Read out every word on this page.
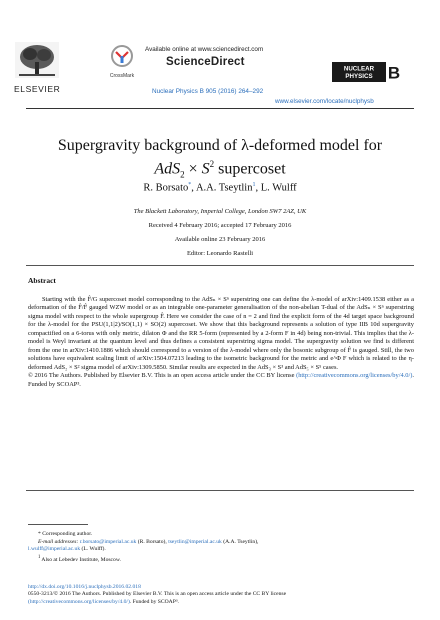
ELSEVIER
CrossMark
Available online at www.sciencedirect.com
ScienceDirect
Nuclear Physics B 905 (2016) 264–292
NUCLEAR
PHYSICS B
www.elsevier.com/locate/nuclphysb
Supergravity background of λ-deformed model for
$AdS_2 \times S^2$ supercoset
R. Borsato*, A.A. Tseytlin$^1$, L. Wulff
The Blackett Laboratory, Imperial College, London SW7 2AZ, UK
Received 4 February 2016; accepted 17 February 2016
Available online 23 February 2016
Editor: Leonardo Rastelli
Abstract

Starting with the F̂/G supercoset model corresponding to the AdSₙ × Sⁿ superstring one can define the λ-model of arXiv:1409.1538 either as a deformation of the F̂/F̂ gauged WZW model or as an integrable one-parameter generalisation of the non-abelian T-dual of the AdSₙ × Sⁿ superstring sigma model with respect to the whole supergroup F̂. Here we consider the case of n = 2 and find the explicit form of the 4d target space background for the λ-model for the PSU(1,1|2)/SO(1,1) × SO(2) supercoset. We show that this background represents a solution of type IIB 10d supergravity compactified on a 6-torus with only metric, dilaton Φ and the RR 5-form (represented by a 2-form F in 4d) being non-trivial. This implies that the λ-model is Weyl invariant at the quantum level and thus defines a consistent superstring sigma model. The supergravity solution we find is different from the one in arXiv:1410.1886 which should correspond to a version of the λ-model where only the bosonic subgroup of F̂ is gauged. Still, the two solutions have equivalent scaling limit of arXiv:1504.07213 leading to the isometric background for the metric and e^Φ F which is related to the η-deformed AdS₂ × S² sigma model of arXiv:1309.5850. Similar results are expected in the AdS₃ × S³ and AdS₅ × S⁵ cases.

© 2016 The Authors. Published by Elsevier B.V. This is an open access article under the CC BY license (http://creativecommons.org/licenses/by/4.0/). Funded by SCOAP³.

* Corresponding author.
E-mail addresses: r.borsato@imperial.ac.uk (R. Borsato), tseytlin@imperial.ac.uk (A.A. Tseytlin),
l.wulff@imperial.ac.uk (L. Wulff).
$^1$ Also at Lebedev Institute, Moscow.
http://dx.doi.org/10.1016/j.nuclphysb.2016.02.018
0550-3213/© 2016 The Authors. Published by Elsevier B.V. This is an open access article under the CC BY license
(http://creativecommons.org/licenses/by/4.0/). Funded by SCOAP³.
